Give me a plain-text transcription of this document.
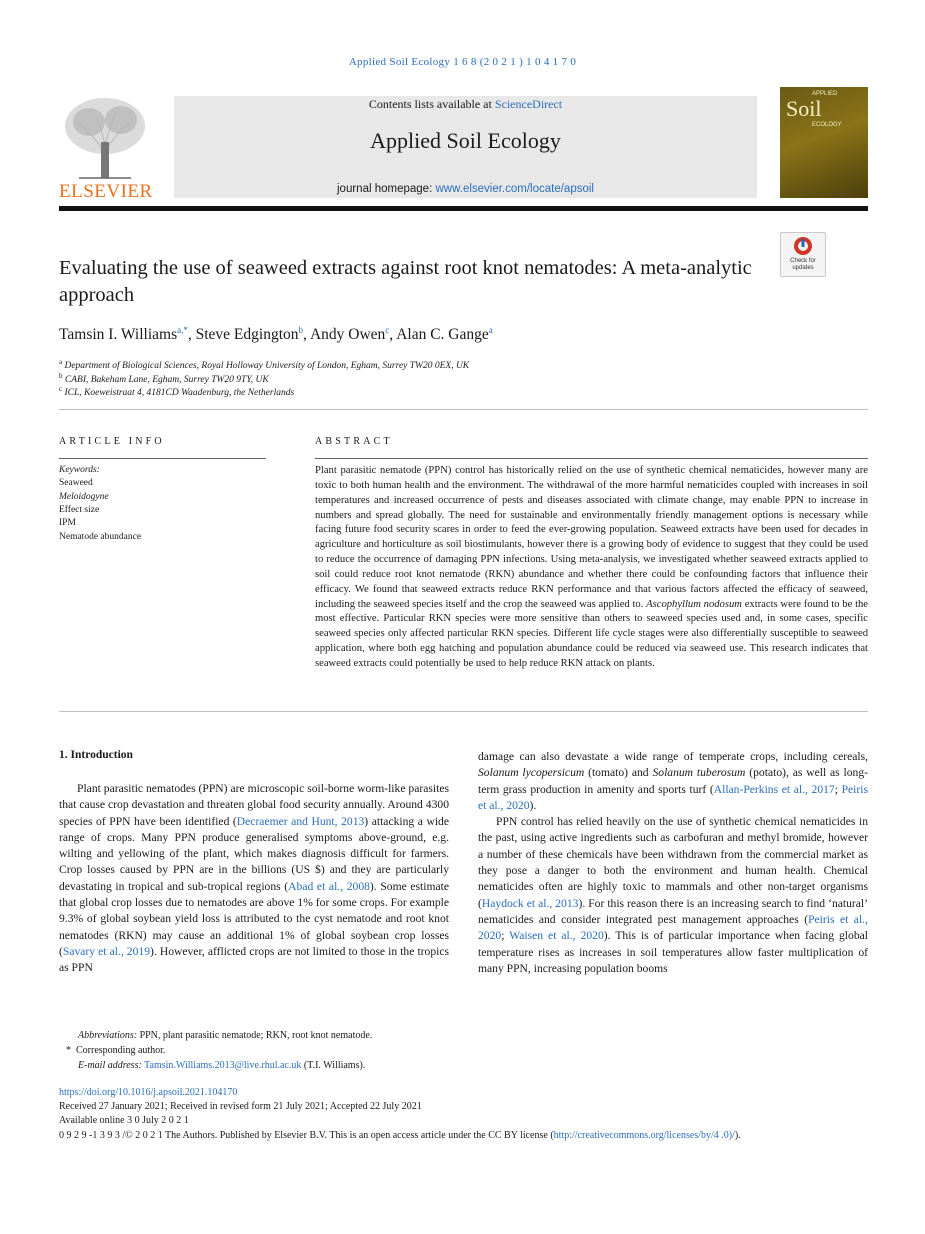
Applied Soil Ecology 1 6 8 (2 0 2 1 ) 1 0 4 1 7 0
ELSEVIER
Contents lists available at ScienceDirect
Applied Soil Ecology
journal homepage: www.elsevier.com/locate/apsoil
APPLIED
Soil
ECOLOGY
Check for updates
Evaluating the use of seaweed extracts against root knot nematodes: A meta-analytic approach
Tamsin I. Williams$^{a,*}$, Steve Edgington$^b$, Andy Owen$^c$, Alan C. Gange$^a$
$^a$ Department of Biological Sciences, Royal Holloway University of London, Egham, Surrey TW20 0EX, UK
$^b$ CABI, Bakeham Lane, Egham, Surrey TW20 9TY, UK
$^c$ ICL, Koeweistraat 4, 4181CD Waadenburg, the Netherlands
ARTICLE INFO
Keywords:
Seaweed
Meloidogyne
Effect size
IPM
Nematode abundance
ABSTRACT
Plant parasitic nematode (PPN) control has historically relied on the use of synthetic chemical nematicides, however many are toxic to both human health and the environment. The withdrawal of the more harmful nematicides coupled with increases in soil temperatures and increased occurrence of pests and diseases associated with climate change, may enable PPN to increase in numbers and spread globally. The need for sustainable and environmentally friendly management options is necessary while facing future food security scares in order to feed the ever-growing population. Seaweed extracts have been used for decades in agriculture and horticulture as soil biostimulants, however there is a growing body of evidence to suggest that they could be used to reduce the occurrence of damaging PPN infections. Using meta-analysis, we investigated whether seaweed extracts applied to soil could reduce root knot nematode (RKN) abundance and whether there could be confounding factors that influence their efficacy. We found that seaweed extracts reduce RKN performance and that various factors affected the efficacy of seaweed, including the seaweed species itself and the crop the seaweed was applied to. Ascophyllum nodosum extracts were found to be the most effective. Particular RKN species were more sensitive than others to seaweed species used and, in some cases, specific seaweed species only affected particular RKN species. Different life cycle stages were also differentially susceptible to seaweed application, where both egg hatching and population abundance could be reduced via seaweed use. This research indicates that seaweed extracts could potentially be used to help reduce RKN attack on plants.
1. Introduction
Plant parasitic nematodes (PPN) are microscopic soil-borne worm-like parasites that cause crop devastation and threaten global food security annually. Around 4300 species of PPN have been identified (Decraemer and Hunt, 2013) attacking a wide range of crops. Many PPN produce generalised symptoms above-ground, e.g. wilting and yellowing of the plant, which makes diagnosis difficult for farmers. Crop losses caused by PPN are in the billions (US $) and they are particularly devastating in tropical and sub-tropical regions (Abad et al., 2008). Some estimate that global crop losses due to nematodes are above 1% for some crops. For example 9.3% of global soybean yield loss is attributed to the cyst nematode and root knot nematodes (RKN) may cause an additional 1% of global soybean crop losses (Savary et al., 2019). However, afflicted crops are not limited to those in the tropics as PPN
damage can also devastate a wide range of temperate crops, including cereals, Solanum lycopersicum (tomato) and Solanum tuberosum (potato), as well as long-term grass production in amenity and sports turf (Allan-Perkins et al., 2017; Peiris et al., 2020).
PPN control has relied heavily on the use of synthetic chemical nematicides in the past, using active ingredients such as carbofuran and methyl bromide, however a number of these chemicals have been withdrawn from the commercial market as they pose a danger to both the environment and human health. Chemical nematicides often are highly toxic to mammals and other non-target organisms (Haydock et al., 2013). For this reason there is an increasing search to find ‘natural’ nematicides and consider integrated pest management approaches (Peiris et al., 2020; Waisen et al., 2020). This is of particular importance when facing global temperature rises as increases in soil temperatures allow faster multiplication of many PPN, increasing population booms
Abbreviations: PPN, plant parasitic nematode; RKN, root knot nematode.
* Corresponding author.
E-mail address: Tamsin.Williams.2013@live.rhul.ac.uk (T.I. Williams).
https://doi.org/10.1016/j.apsoil.2021.104170
Received 27 January 2021; Received in revised form 21 July 2021; Accepted 22 July 2021
Available online 3 0 July 2 0 2 1
0 9 2 9 -1 3 9 3 /© 2 0 2 1 The Authors. Published by Elsevier B.V. This is an open access article under the CC BY license (http://creativecommons.org/licenses/by/4 .0)/).
